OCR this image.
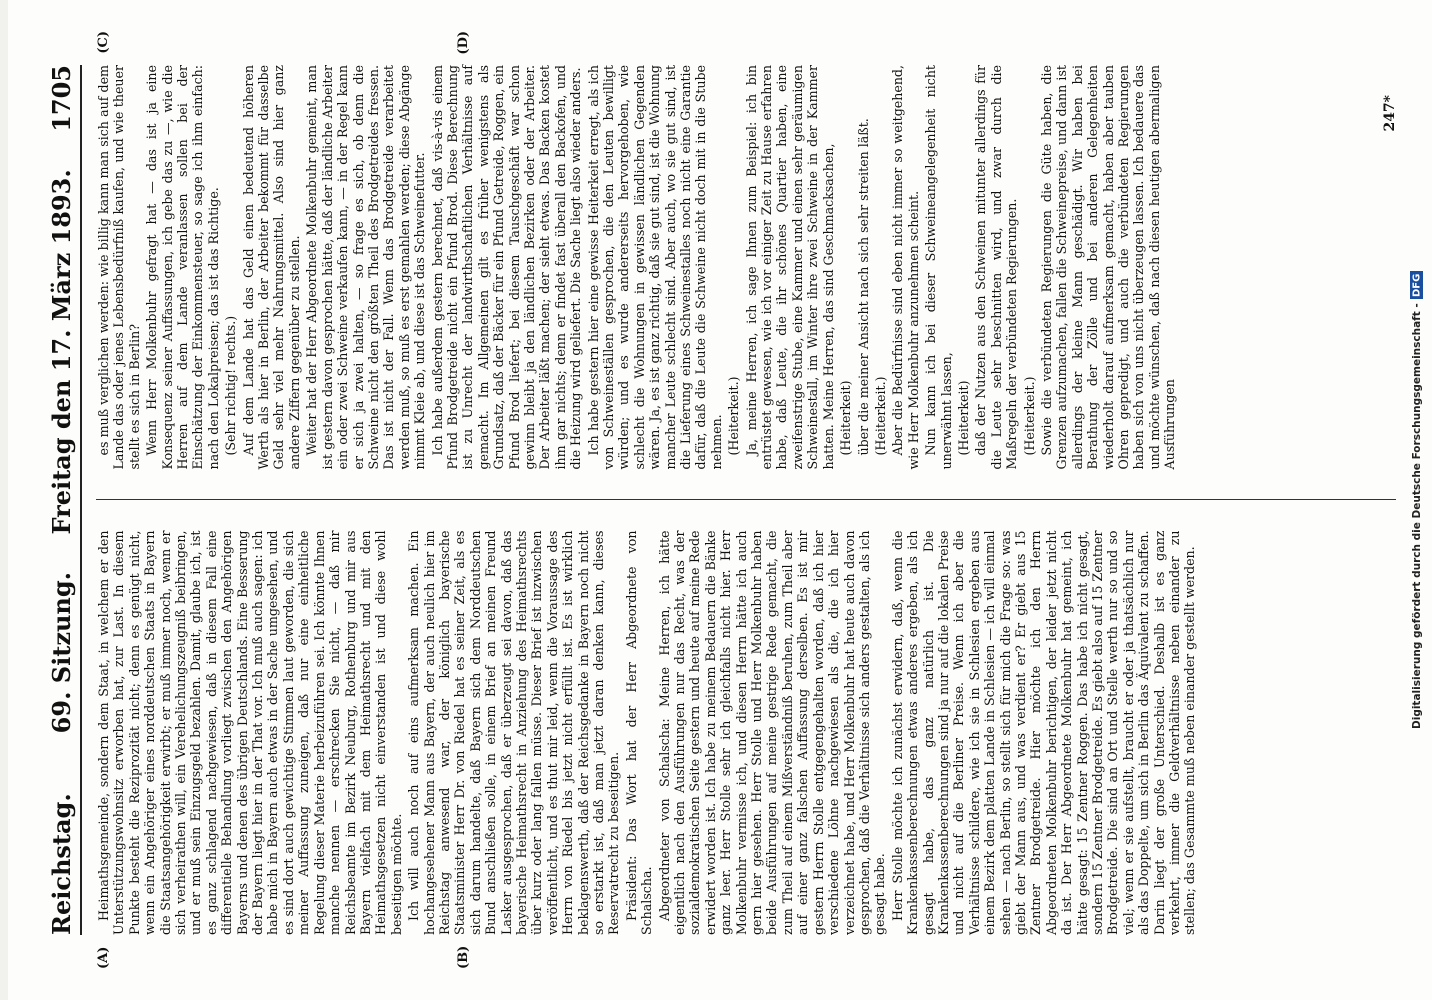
Reichstag.
69. Sitzung.
Freitag den 17. März 1893.
1705
(A)	(B)

Heimathsgemeinde, sondern dem Staat, in welchem er den Unterstützungswohnsitz erworben hat, zur Last. In diesem Punkte besteht die Reziprozität nicht; denn es genügt nicht, wenn ein Angehöriger eines norddeutschen Staats in Bayern die Staatsangehörigkeit erwirbt; er muß immer noch, wenn er sich verheirathen will, ein Verehelichungszeugniß beibringen, und er muß sein Einzugsgeld bezahlen. Damit, glaube ich, ist es ganz schlagend nachgewiesen, daß in diesem Fall eine differentielle Behandlung vorliegt zwischen den Angehörigen Bayerns und denen des übrigen Deutschlands. Eine Besserung der Bayern liegt hier in der That vor. Ich muß auch sagen: ich habe mich in Bayern auch etwas in der Sache umgesehen, und es sind dort auch gewichtige Stimmen laut geworden, die sich meiner Auffassung zuneigen, daß nur eine einheitliche Regelung dieser Materie herbeizuführen sei. Ich könnte Ihnen manche nennen — erschrecken Sie nicht, — daß mir Reichsbeamte im Bezirk Neuburg, Rothenburg und mir aus Bayern vielfach mit dem Heimathsrecht und mit den Heimathsgesetzen nicht einverstanden ist und diese wohl beseitigen möchte. Ich will auch noch auf eins aufmerksam machen. Ein hochangesehener Mann aus Bayern, der auch neulich hier im Reichstag anwesend war, der königlich bayerische Staatsminister Herr Dr. von Riedel hat es seiner Zeit, als es sich darum handelte, daß Bayern sich dem Norddeutschen Bund anschließen solle, in einem Brief an meinen Freund Lasker ausgesprochen, daß er überzeugt sei davon, daß das bayerische Heimathsrecht in Anziehung des Heimathsrechts über kurz oder lang fallen müsse. Dieser Brief ist inzwischen veröffentlicht, und es thut mir leid, wenn die Voraussage des Herrn von Riedel bis jetzt nicht erfüllt ist. Es ist wirklich beklagenswerth, daß der Reichsgedanke in Bayern noch nicht so erstarkt ist, daß man jetzt daran denken kann, dieses Reservatrecht zu beseitigen. Präsident: Das Wort hat der Herr Abgeordnete von Schalscha. Abgeordneter von Schalscha: Meine Herren, ich hätte eigentlich nach den Ausführungen nur das Recht, was der sozialdemokratischen Seite gestern und heute auf meine Rede erwidert worden ist. Ich habe zu meinem Bedauern die Bänke ganz leer. Herr Stolle sehr ich gleichfalls nicht hier. Herr Molkenbuhr vermisse ich, und diesen Herrn hätte ich auch gern hier gesehen. Herr Stolle und Herr Molkenbuhr haben beide Ausführungen auf meine gestrige Rede gemacht, die zum Theil auf einem Mißverständniß beruhen, zum Theil aber auf einer ganz falschen Auffassung derselben. Es ist mir gestern Herrn Stolle entgegengehalten worden, daß ich hier verschiedene Löhne nachgewiesen als die, die ich hier verzeichnet habe, und Herr Molkenbuhr hat heute auch davon gesprochen, daß die Verhältnisse sich anders gestalten, als ich gesagt habe. Herr Stolle möchte ich zunächst erwidern, daß, wenn die Krankenkassenberechnungen etwas anderes ergeben, als ich gesagt habe, das ganz natürlich ist. Die Krankenkassenberechnungen sind ja nur auf die lokalen Preise und nicht auf die Berliner Preise. Wenn ich aber die Verhältnisse schildere, wie ich sie in Schlesien ergeben aus einem Bezirk dem platten Lande in Schlesien — ich will einmal sehen — nach Berlin, so stellt sich für mich die Frage so: was giebt der Mann aus, und was verdient er? Er giebt aus 15 Zentner Brodgetreide. Hier möchte ich den Herrn Abgeordneten Molkenbuhr berichtigen, der leider jetzt nicht da ist. Der Herr Abgeordnete Molkenbuhr hat gemeint, ich hätte gesagt: 15 Zentner Roggen. Das habe ich nicht gesagt, sondern 15 Zentner Brodgetreide. Es giebt also auf 15 Zentner Brodgetreide. Die sind an Ort und Stelle werth nur so und so viel; wenn er sie aufstellt, braucht er oder ja thatsächlich nur als das Doppelte, um sich in Berlin das Äquivalent zu schaffen. Darin liegt der große Unterschied. Deshalb ist es ganz verkehrt, immer die Geldverhältnisse neben einander zu stellen; das Gesammte muß neben einander gestellt werden.

(C)	(D)
247*

es muß verglichen werden: wie billig kann man sich auf dem Lande das oder jenes Lebensbedürfniß kaufen, und wie theuer stellt es sich in Berlin? Wenn Herr Molkenbuhr gefragt hat — das ist ja eine Konsequenz seiner Auffassungen, ich gebe das zu —, wie die Herren auf dem Lande veranlassen sollen bei der Einschätzung der Einkommensteuer, so sage ich ihm einfach: nach den Lokalpreisen; das ist das Richtige. (Sehr richtig! rechts.) Auf dem Lande hat das Geld einen bedeutend höheren Werth als hier in Berlin, der Arbeiter bekommt für dasselbe Geld sehr viel mehr Nahrungsmittel. Also sind hier ganz andere Ziffern gegenüber zu stellen. Weiter hat der Herr Abgeordnete Molkenbuhr gemeint, man ist gestern davon gesprochen hätte, daß der ländliche Arbeiter ein oder zwei Schweine verkaufen kann, — in der Regel kann er sich ja zwei halten, — so frage es sich, ob denn die Schweine nicht den größten Theil des Brodgetreides fressen. Das ist nicht der Fall. Wenn das Brodgetreide verarbeitet werden muß, so muß es erst gemahlen werden; diese Abgänge nimmt Kleie ab, und diese ist das Schweinefutter. Ich habe außerdem gestern berechnet, daß vis-à-vis einem Pfund Brodgetreide nicht ein Pfund Brod. Diese Berechnung ist zu Unrecht der landwirthschaftlichen Verhältnisse auf gemacht. Im Allgemeinen gilt es früher wenigstens als Grundsatz, daß der Bäcker für ein Pfund Getreide, Roggen, ein Pfund Brod liefert; bei diesem Tauschgeschäft war schon gewinn bleibt ja den ländlichen Bezirken oder der Arbeiter. Der Arbeiter läßt machen; der sieht etwas. Das Backen kostet ihm gar nichts; denn er findet fast überall den Backofen, und die Heizung wird geliefert. Die Sache liegt also wieder anders. Ich habe gestern hier eine gewisse Heiterkeit erregt, als ich von Schweineställen gesprochen, die den Leuten bewilligt würden; und es wurde andererseits hervorgehoben, wie schlecht die Wohnungen in gewissen ländlichen Gegenden wären. Ja, es ist ganz richtig, daß sie gut sind, ist die Wohnung mancher Leute schlecht sind. Aber auch, wo sie gut sind, ist die Lieferung eines Schweinestalles noch nicht eine Garantie dafür, daß die Leute die Schweine nicht doch mit in die Stube nehmen. (Heiterkeit.) Ja, meine Herren, ich sage Ihnen zum Beispiel: ich bin entrüstet gewesen, wie ich vor einiger Zeit zu Hause erfahren habe, daß Leute, die ihr schönes Quartier haben, eine zweifenstrige Stube, eine Kammer und einen sehr geräumigen Schweinestall, im Winter ihre zwei Schweine in der Kammer hatten. Meine Herren, das sind Geschmacksachen, (Heiterkeit) über die meiner Ansicht nach sich sehr streiten läßt. (Heiterkeit.) Aber die Bedürfnisse sind eben nicht immer so weitgehend, wie Herr Molkenbuhr anzunehmen scheint. Nun kann ich bei dieser Schweineangelegenheit nicht unerwähnt lassen, (Heiterkeit) daß der Nutzen aus den Schweinen mitunter allerdings für die Leute sehr beschnitten wird, und zwar durch die Maßregeln der verbündeten Regierungen. (Heiterkeit.) Sowie die verbündeten Regierungen die Güte haben, die Grenzen aufzumachen, fallen die Schweinepreise, und dann ist allerdings der kleine Mann geschädigt. Wir haben bei Berathung der Zölle und bei anderen Gelegenheiten wiederholt darauf aufmerksam gemacht, haben aber tauben Ohren gepredigt, und auch die verbündeten Regierungen haben sich von uns nicht überzeugen lassen. Ich bedauere das und möchte wünschen, daß nach diesen heutigen abermaligen Ausführungen	Digitalisierung gefördert durch die Deutsche Forschungsgemeinschaft -
DFG
